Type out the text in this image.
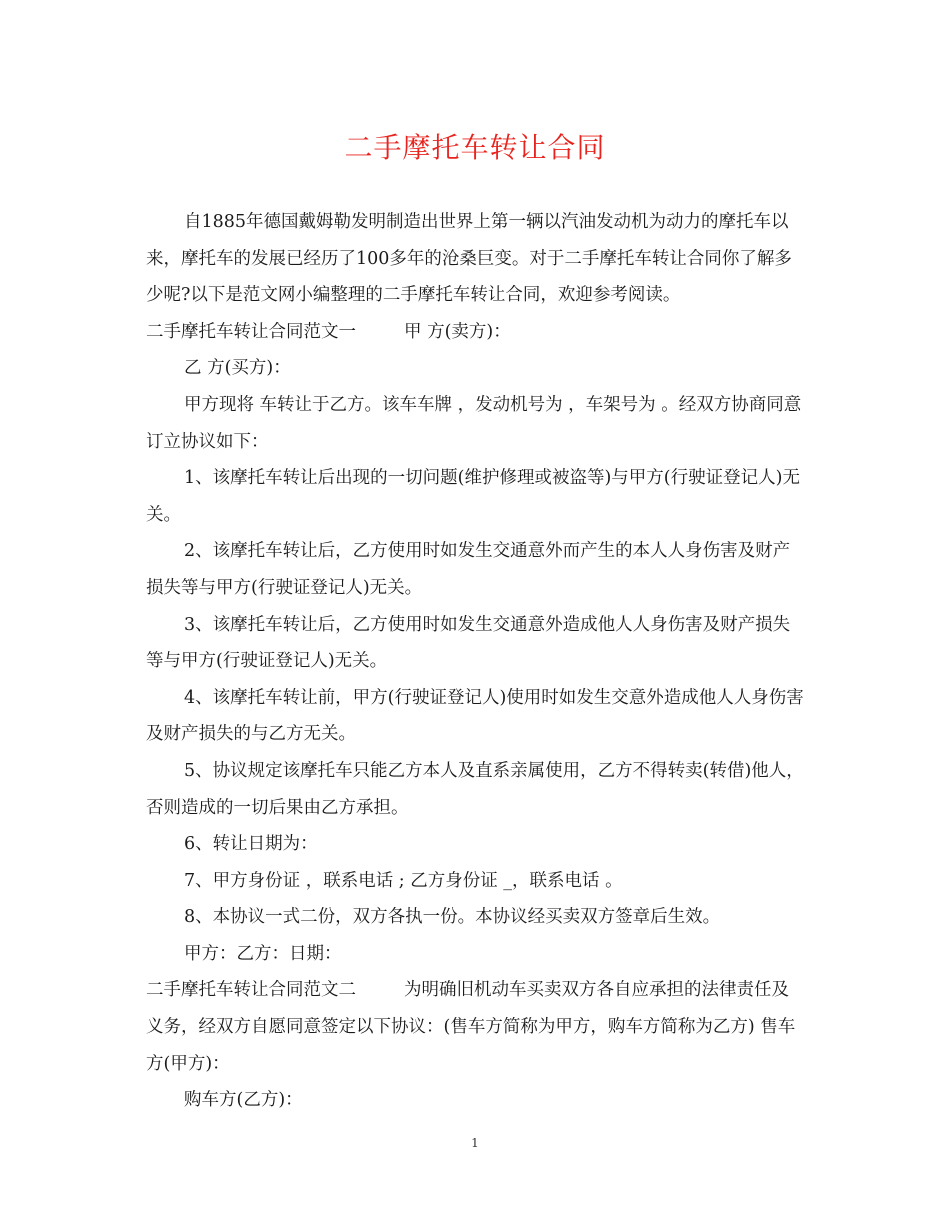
二手摩托车转让合同

自1885年德国戴姆勒发明制造出世界上第一辆以汽油发动机为动力的摩托车以来，摩托车的发展已经历了100多年的沧桑巨变。对于二手摩托车转让合同你了解多少呢?以下是范文网小编整理的二手摩托车转让合同，欢迎参考阅读。

二手摩托车转让合同范文一	甲 方(卖方)：

乙 方(买方)：

甲方现将 车转让于乙方。该车车牌 ，发动机号为 ，车架号为 。经双方协商同意订立协议如下：

1、该摩托车转让后出现的一切问题(维护修理或被盗等)与甲方(行驶证登记人)无关。

2、该摩托车转让后，乙方使用时如发生交通意外而产生的本人人身伤害及财产损失等与甲方(行驶证登记人)无关。

3、该摩托车转让后，乙方使用时如发生交通意外造成他人人身伤害及财产损失等与甲方(行驶证登记人)无关。

4、该摩托车转让前，甲方(行驶证登记人)使用时如发生交意外造成他人人身伤害及财产损失的与乙方无关。

5、协议规定该摩托车只能乙方本人及直系亲属使用，乙方不得转卖(转借)他人，否则造成的一切后果由乙方承担。

6、转让日期为：

7、甲方身份证 ，联系电话 ; 乙方身份证 _，联系电话 。

8、本协议一式二份，双方各执一份。本协议经买卖双方签章后生效。

甲方：乙方：日期：

二手摩托车转让合同范文二	为明确旧机动车买卖双方各自应承担的法律责任及义务，经双方自愿同意签定以下协议：(售车方简称为甲方，购车方简称为乙方) 售车方(甲方)：

购车方(乙方)：

1
